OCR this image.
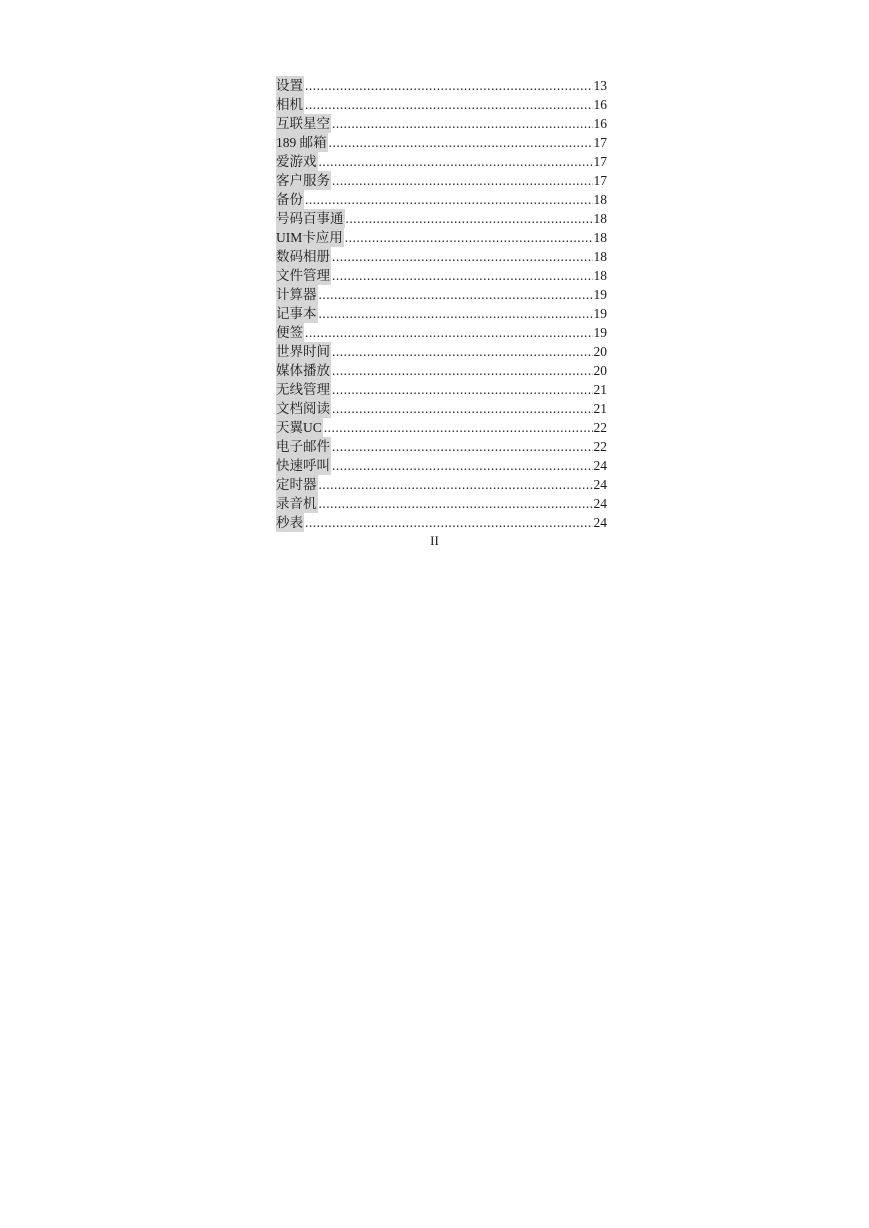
设置 .....	13
相机 .....	16
互联星空 .....	16
189 邮箱 .....	17
爱游戏 .....	17
客户服务 .....	17
备份 .....	18
号码百事通 .....	18
UIM卡应用 .....	18
数码相册 .....	18
文件管理 .....	18
计算器 .....	19
记事本 .....	19
便签 .....	19
世界时间 .....	20
媒体播放 .....	20
无线管理 .....	21
文档阅读 .....	21
天翼UC .....	22
电子邮件 .....	22
快速呼叫 .....	24
定时器 .....	24
录音机 .....	24
秒表 .....	24
II
